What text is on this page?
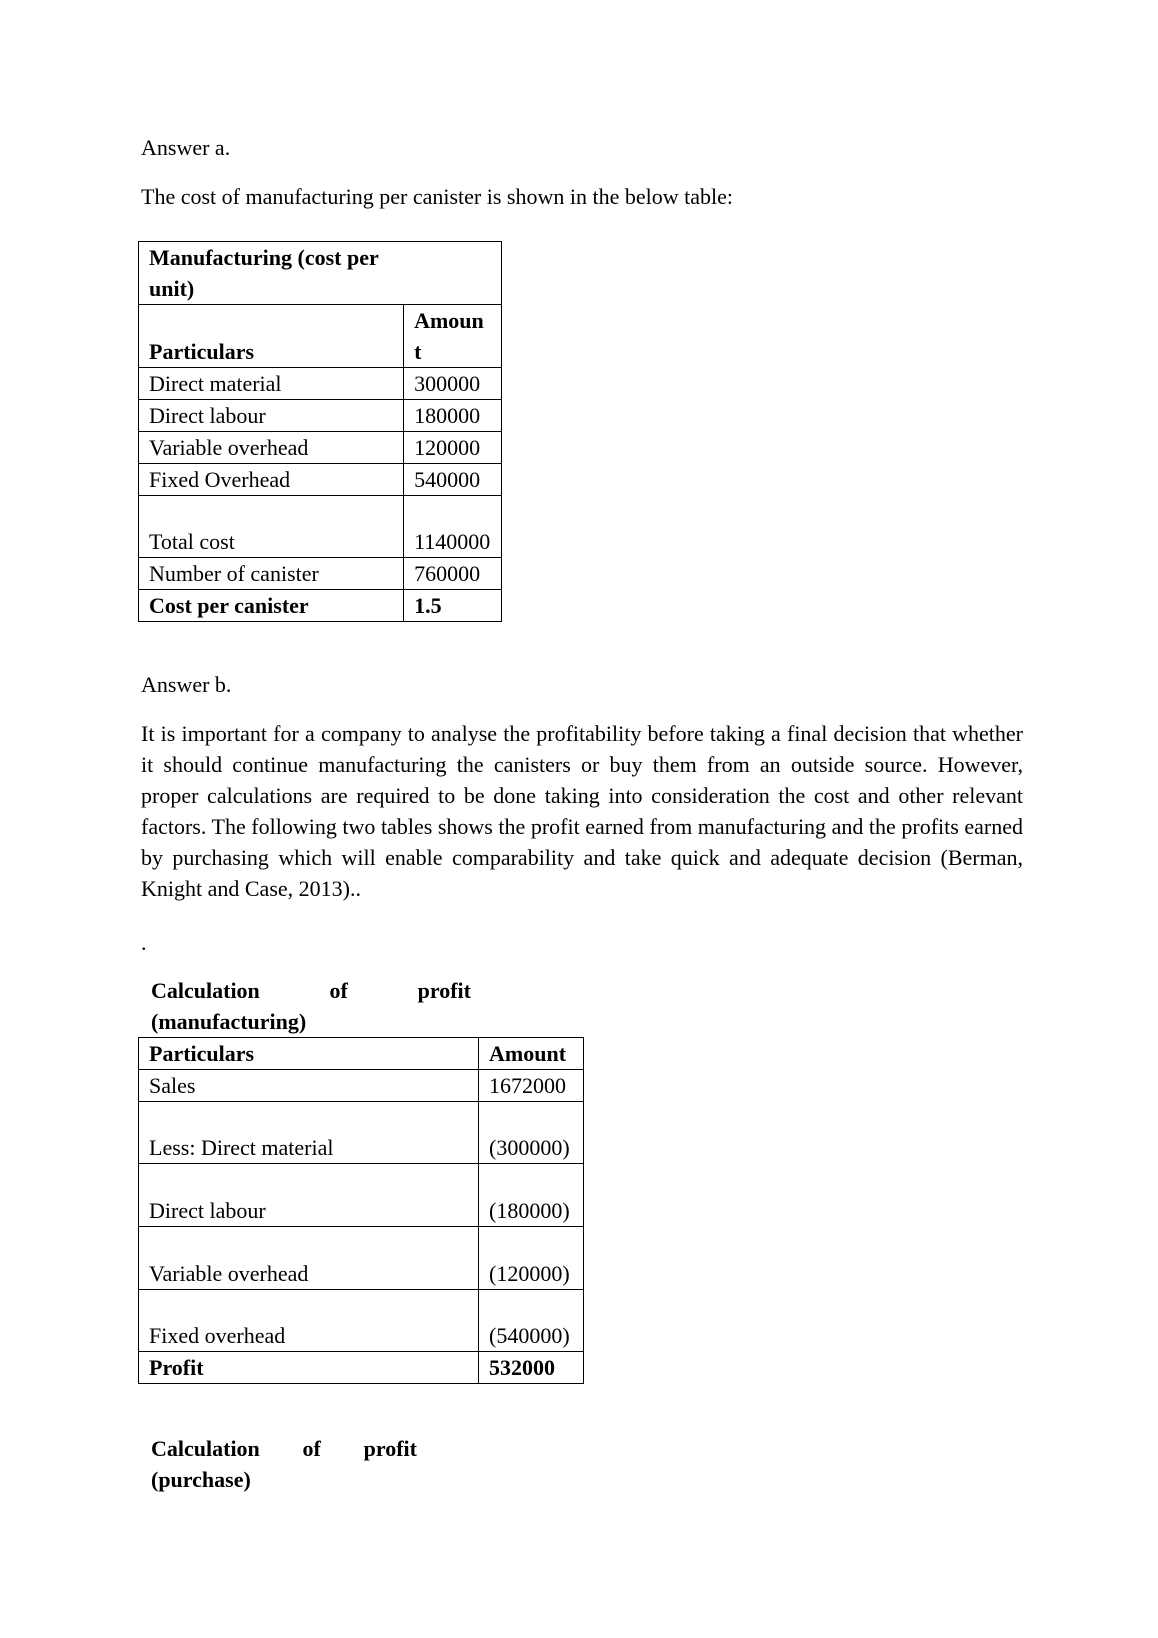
Answer a.

The cost of manufacturing per canister is shown in the below table:

Manufacturing (cost per unit)	
Particulars	Amount
Direct material	300000
Direct labour	180000
Variable overhead	120000
Fixed Overhead	540000
Total cost	1140000
Number of canister	760000
Cost per canister	1.5

Answer b.

It is important for a company to analyse the profitability before taking a final decision that whether it should continue manufacturing the canisters or buy them from an outside source. However, proper calculations are required to be done taking into consideration the cost and other relevant factors. The following two tables shows the profit earned from manufacturing and the profits earned by purchasing which will enable comparability and take quick and adequate decision (Berman, Knight and Case, 2013)..

.

Calculation	of	profit
(manufacturing)
Particulars	Amount
Sales	1672000
Less: Direct material	(300000)
Direct labour	(180000)
Variable overhead	(120000)
Fixed overhead	(540000)
Profit	532000
Calculation of profit
(purchase)
